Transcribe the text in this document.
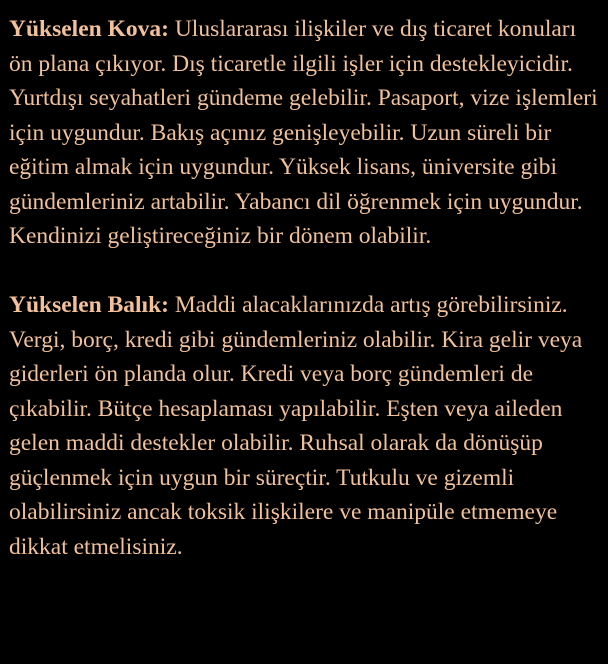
Yükselen Kova: Uluslararası ilişkiler ve dış ticaret konuları ön plana çıkıyor. Dış ticaretle ilgili işler için destekleyicidir. Yurtdışı seyahatleri gündeme gelebilir. Pasaport, vize işlemleri için uygundur. Bakış açınız genişleyebilir. Uzun süreli bir eğitim almak için uygundur. Yüksek lisans, üniversite gibi gündemleriniz artabilir. Yabancı dil öğrenmek için uygundur. Kendinizi geliştireceğiniz bir dönem olabilir.

Yükselen Balık: Maddi alacaklarınızda artış görebilirsiniz. Vergi, borç, kredi gibi gündemleriniz olabilir. Kira gelir veya giderleri ön planda olur. Kredi veya borç gündemleri de çıkabilir. Bütçe hesaplaması yapılabilir. Eşten veya aileden gelen maddi destekler olabilir. Ruhsal olarak da dönüşüp güçlenmek için uygun bir süreçtir. Tutkulu ve gizemli olabilirsiniz ancak toksik ilişkilere ve manipüle etmemeye dikkat etmelisiniz.
